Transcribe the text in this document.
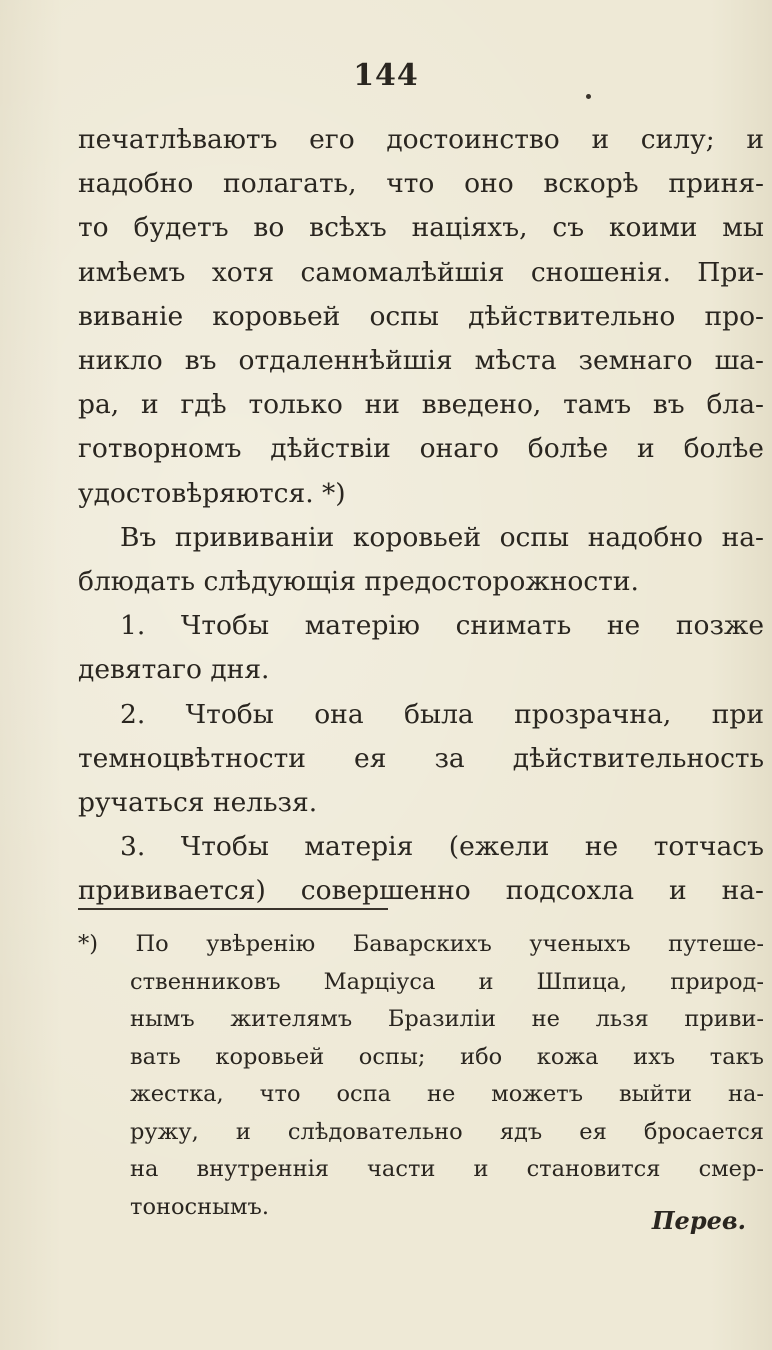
144
печатлѣваютъ его достоинство и силу; и
надобно полагать, что оно вскорѣ приня-
то будетъ во всѣхъ націяхъ, съ коими мы
имѣемъ хотя самомалѣйшія сношенія. При-
виваніе коровьей оспы дѣйствительно про-
никло въ отдаленнѣйшія мѣста земнаго ша-
ра, и гдѣ только ни введено, тамъ въ бла-
готворномъ дѣйствіи онаго болѣе и болѣе
удостовѣряются. *)
Въ прививаніи коровьей оспы надобно на-
блюдать слѣдующія предосторожности.
1. Чтобы матерію снимать не позже
девятаго дня.
2. Чтобы она была прозрачна, при
темноцвѣтности ея за дѣйствительность
ручаться нельзя.
3. Чтобы матерія (ежели не тотчасъ
прививается) совершенно подсохла и на-
*) По увѣренію Баварскихъ ученыхъ путеше-
ственниковъ Марціуса и Шпица, природ-
нымъ жителямъ Бразиліи не льзя приви-
вать коровьей оспы; ибо кожа ихъ такъ
жестка, что оспа не можетъ выйти на-
ружу, и слѣдовательно ядъ ея бросается
на внутреннія части и становится смер-
тоноснымъ.	Перев.
